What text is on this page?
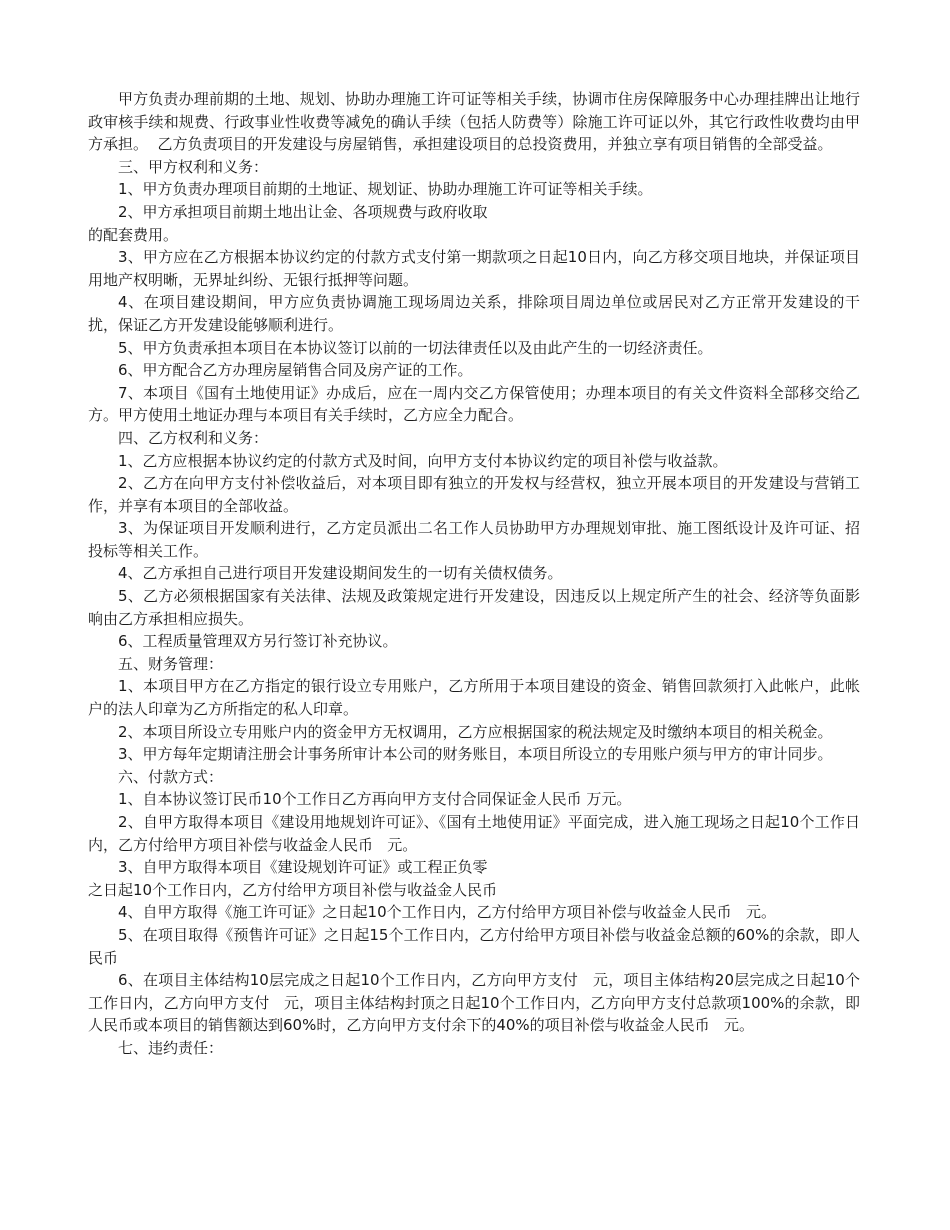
甲方负责办理前期的土地、规划、协助办理施工许可证等相关手续，协调市住房保障服务中心办理挂牌出让地行政审核手续和规费、行政事业性收费等减免的确认手续（包括人防费等）除施工许可证以外，其它行政性收费均由甲方承担。  乙方负责项目的开发建设与房屋销售，承担建设项目的总投资费用，并独立享有项目销售的全部受益。

三、甲方权利和义务：

1、甲方负责办理项目前期的土地证、规划证、协助办理施工许可证等相关手续。

2、甲方承担项目前期土地出让金、各项规费与政府收取

的配套费用。

3、甲方应在乙方根据本协议约定的付款方式支付第一期款项之日起10日内，向乙方移交项目地块，并保证项目用地产权明晰，无界址纠纷、无银行抵押等问题。

4、在项目建设期间，甲方应负责协调施工现场周边关系，排除项目周边单位或居民对乙方正常开发建设的干扰，保证乙方开发建设能够顺利进行。

5、甲方负责承担本项目在本协议签订以前的一切法律责任以及由此产生的一切经济责任。

6、甲方配合乙方办理房屋销售合同及房产证的工作。

7、本项目《国有土地使用证》办成后，应在一周内交乙方保管使用；办理本项目的有关文件资料全部移交给乙方。甲方使用土地证办理与本项目有关手续时，乙方应全力配合。

四、乙方权利和义务：

1、乙方应根据本协议约定的付款方式及时间，向甲方支付本协议约定的项目补偿与收益款。

2、乙方在向甲方支付补偿收益后，对本项目即有独立的开发权与经营权，独立开展本项目的开发建设与营销工作，并享有本项目的全部收益。

3、为保证项目开发顺利进行，乙方定员派出二名工作人员协助甲方办理规划审批、施工图纸设计及许可证、招投标等相关工作。

4、乙方承担自己进行项目开发建设期间发生的一切有关债权债务。

5、乙方必须根据国家有关法律、法规及政策规定进行开发建设，因违反以上规定所产生的社会、经济等负面影响由乙方承担相应损失。

6、工程质量管理双方另行签订补充协议。

五、财务管理：

1、本项目甲方在乙方指定的银行设立专用账户，乙方所用于本项目建设的资金、销售回款须打入此帐户，此帐户的法人印章为乙方所指定的私人印章。

2、本项目所设立专用账户内的资金甲方无权调用，乙方应根据国家的税法规定及时缴纳本项目的相关税金。

3、甲方每年定期请注册会计事务所审计本公司的财务账目，本项目所设立的专用账户须与甲方的审计同步。

六、付款方式：

1、自本协议签订民币10个工作日乙方再向甲方支付合同保证金人民币 万元。

2、自甲方取得本项目《建设用地规划许可证》、《国有土地使用证》平面完成，进入施工现场之日起10个工作日内，乙方付给甲方项目补偿与收益金人民币   元。

3、自甲方取得本项目《建设规划许可证》或工程正负零

之日起10个工作日内，乙方付给甲方项目补偿与收益金人民币

4、自甲方取得《施工许可证》之日起10个工作日内，乙方付给甲方项目补偿与收益金人民币   元。

5、在项目取得《预售许可证》之日起15个工作日内，乙方付给甲方项目补偿与收益金总额的60%的余款，即人民币

6、在项目主体结构10层完成之日起10个工作日内，乙方向甲方支付   元，项目主体结构20层完成之日起10个工作日内，乙方向甲方支付   元，项目主体结构封顶之日起10个工作日内，乙方向甲方支付总款项100%的余款，即人民币或本项目的销售额达到60%时，乙方向甲方支付余下的40%的项目补偿与收益金人民币   元。

七、违约责任：
